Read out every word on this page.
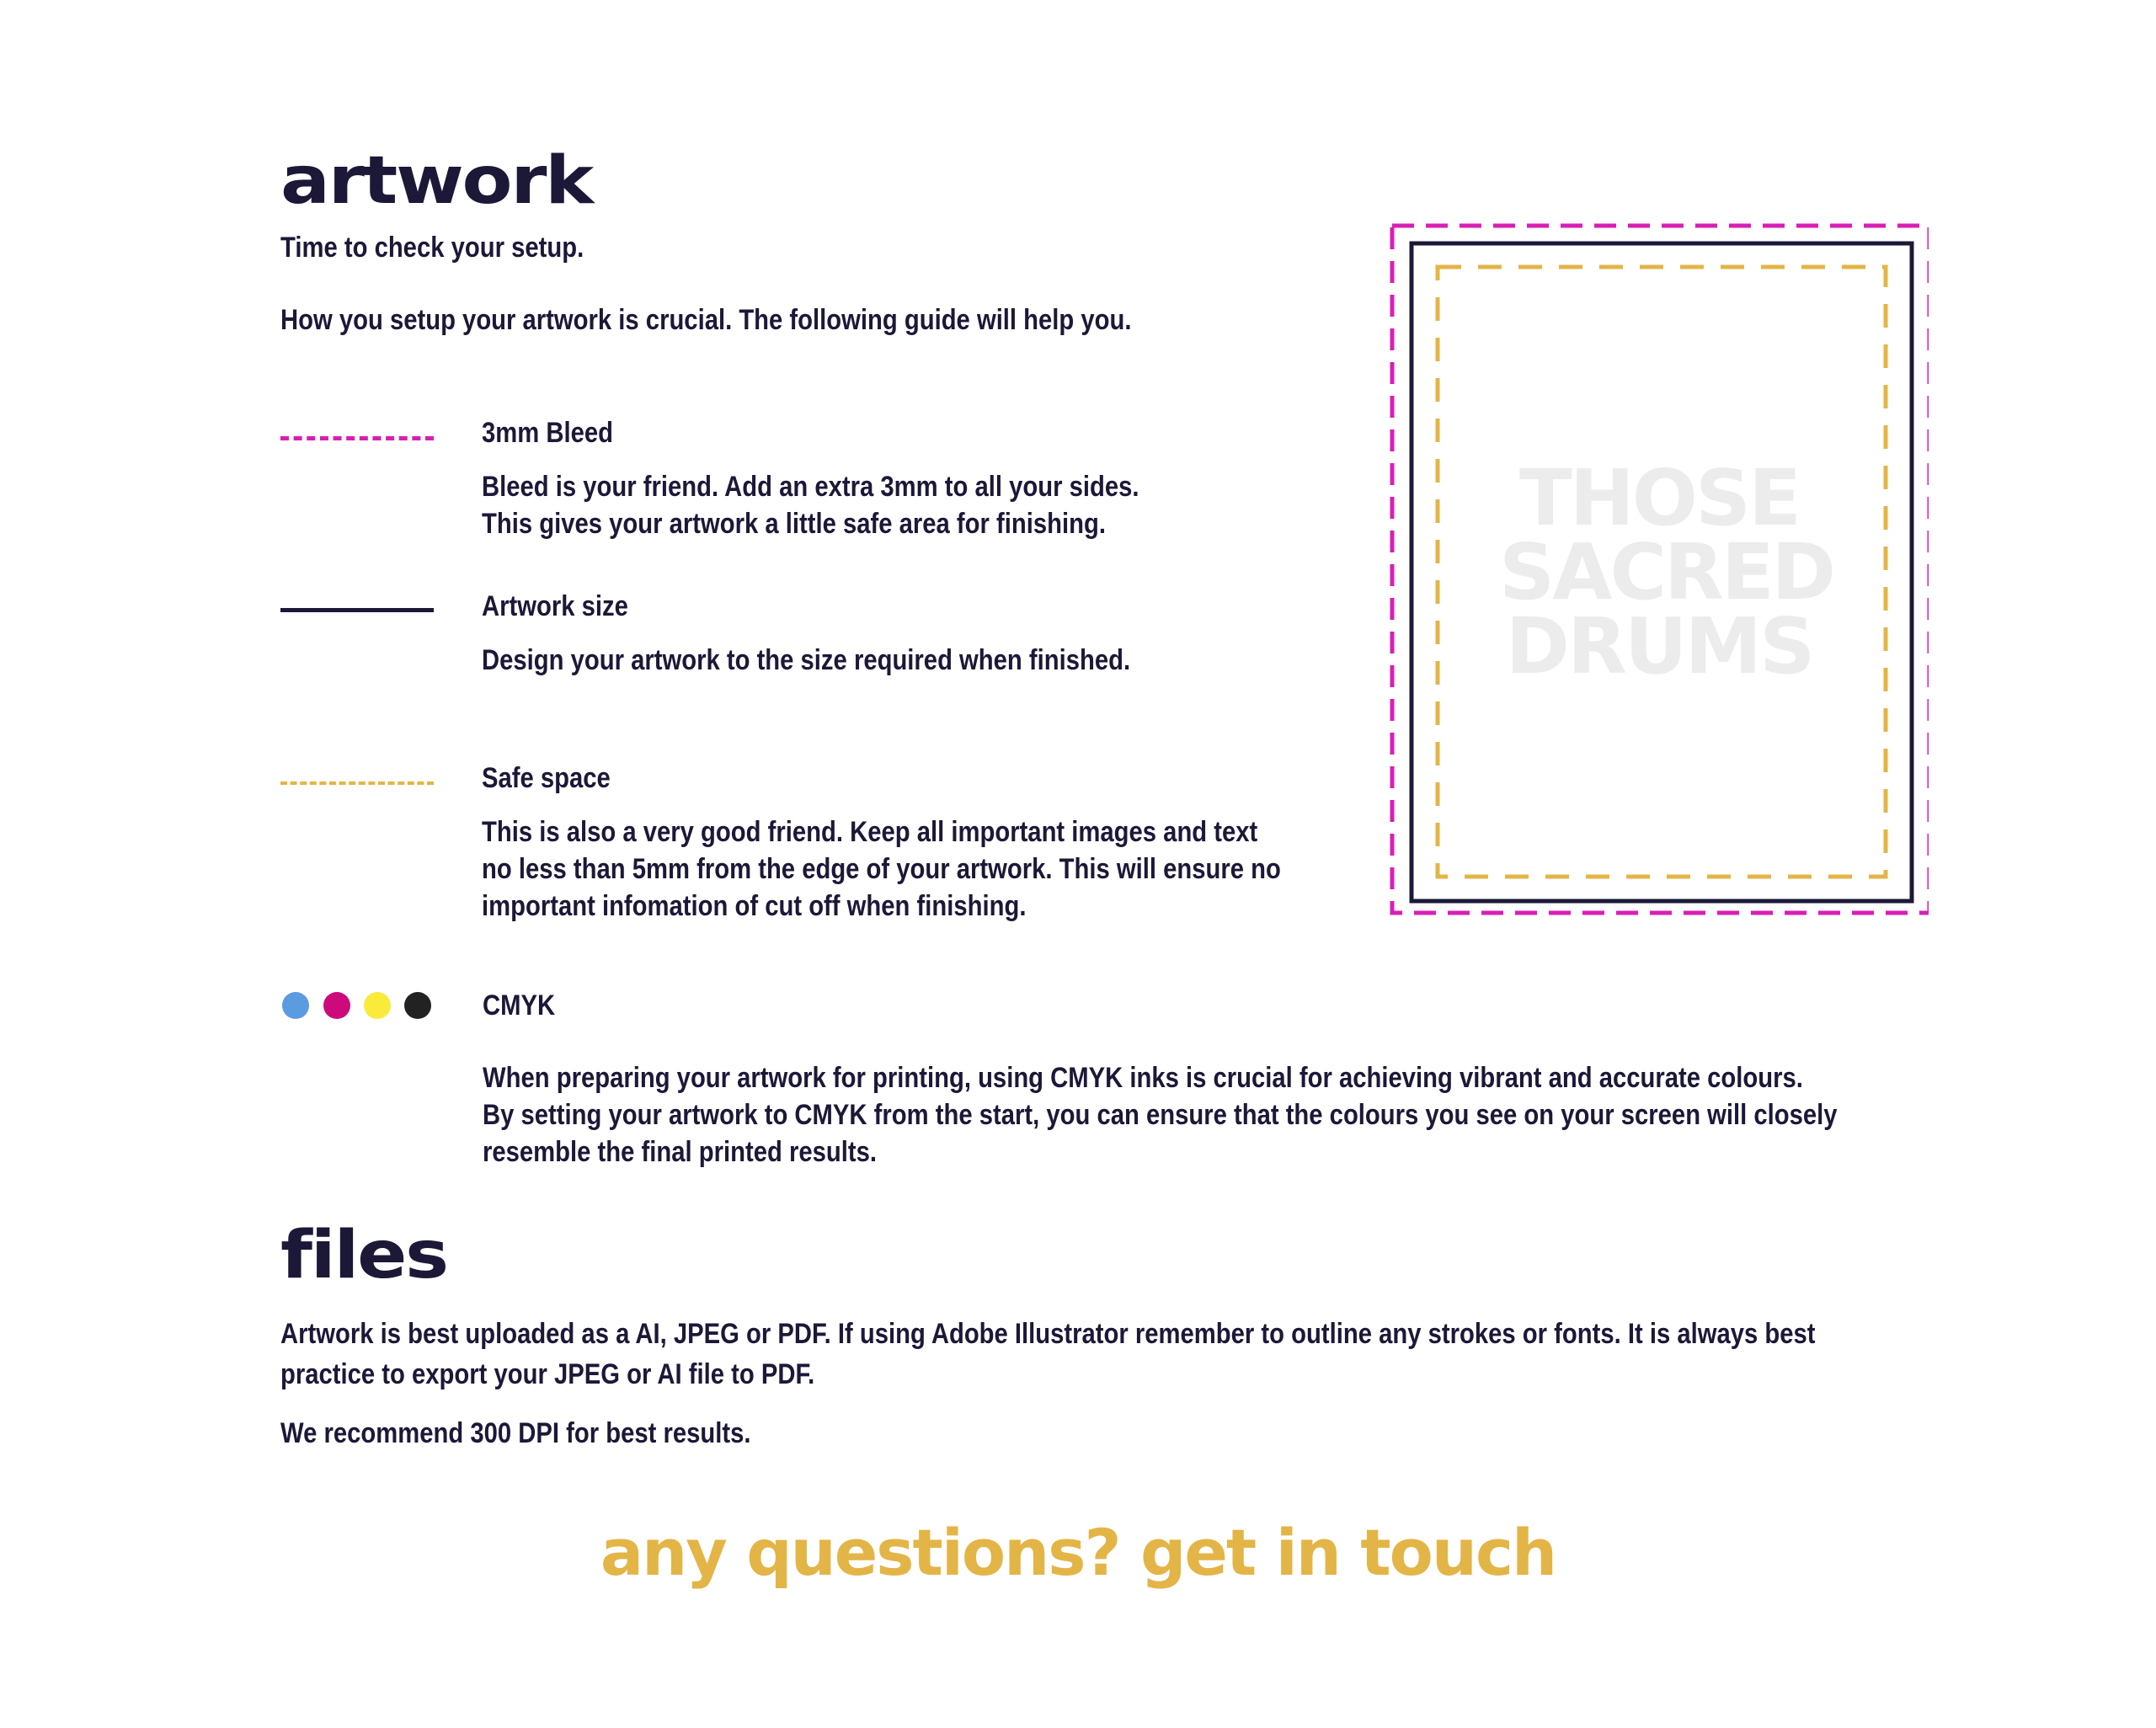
artwork

Time to check your setup.

How you setup your artwork is crucial. The following guide will help you.

3mm Bleed

Bleed is your friend. Add an extra 3mm to all your sides.
This gives your artwork a little safe area for finishing.

Artwork size

Design your artwork to the size required when finished.

Safe space

This is also a very good friend. Keep all important images and text
no less than 5mm from the edge of your artwork. This will ensure no
important infomation of cut off when finishing.

CMYK

When preparing your artwork for printing, using CMYK inks is crucial for achieving vibrant and accurate colours.
By setting your artwork to CMYK from the start, you can ensure that the colours you see on your screen will closely
resemble the final printed results.

THOSE
SACRED
DRUMS
files

Artwork is best uploaded as a AI, JPEG or PDF. If using Adobe Illustrator remember to outline any strokes or fonts. It is always best
practice to export your JPEG or AI file to PDF.

We recommend 300 DPI for best results.

any questions? get in touch
